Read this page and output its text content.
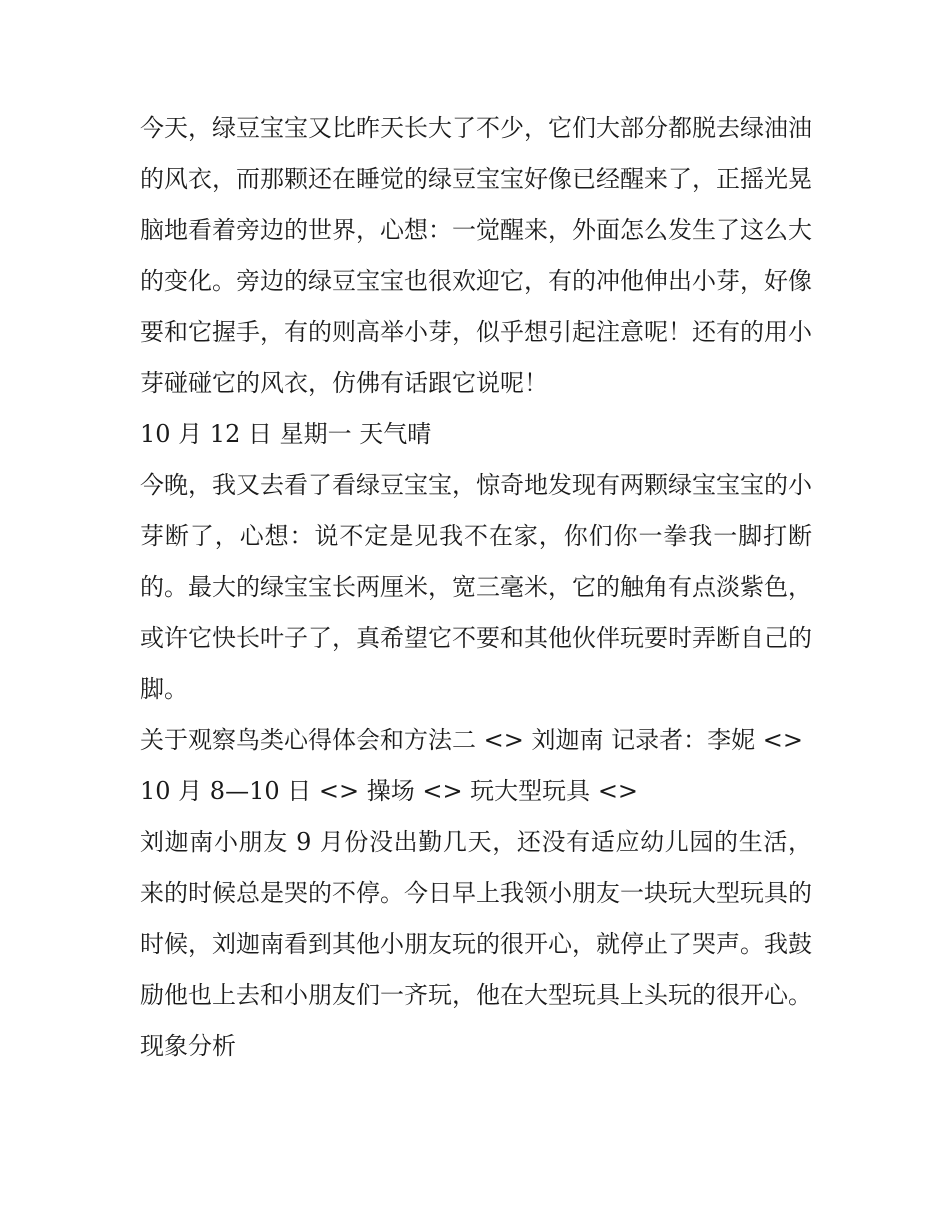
今天，绿豆宝宝又比昨天长大了不少，它们大部分都脱去绿油油的风衣，而那颗还在睡觉的绿豆宝宝好像已经醒来了，正摇光晃脑地看着旁边的世界，心想：一觉醒来，外面怎么发生了这么大的变化。旁边的绿豆宝宝也很欢迎它，有的冲他伸出小芽，好像要和它握手，有的则高举小芽，似乎想引起注意呢！还有的用小芽碰碰它的风衣，仿佛有话跟它说呢！

10 月 12 日 星期一 天气晴

今晚，我又去看了看绿豆宝宝，惊奇地发现有两颗绿宝宝宝的小芽断了，心想：说不定是见我不在家，你们你一拳我一脚打断的。最大的绿宝宝长两厘米，宽三毫米，它的触角有点淡紫色，或许它快长叶子了，真希望它不要和其他伙伴玩要时弄断自己的脚。

关于观察鸟类心得体会和方法二 <> 刘迦南 记录者：李妮 <>

10 月 8—10 日 <> 操场 <> 玩大型玩具 <>

刘迦南小朋友 9 月份没出勤几天，还没有适应幼儿园的生活，来的时候总是哭的不停。今日早上我领小朋友一块玩大型玩具的时候，刘迦南看到其他小朋友玩的很开心，就停止了哭声。我鼓励他也上去和小朋友们一齐玩，他在大型玩具上头玩的很开心。

现象分析
